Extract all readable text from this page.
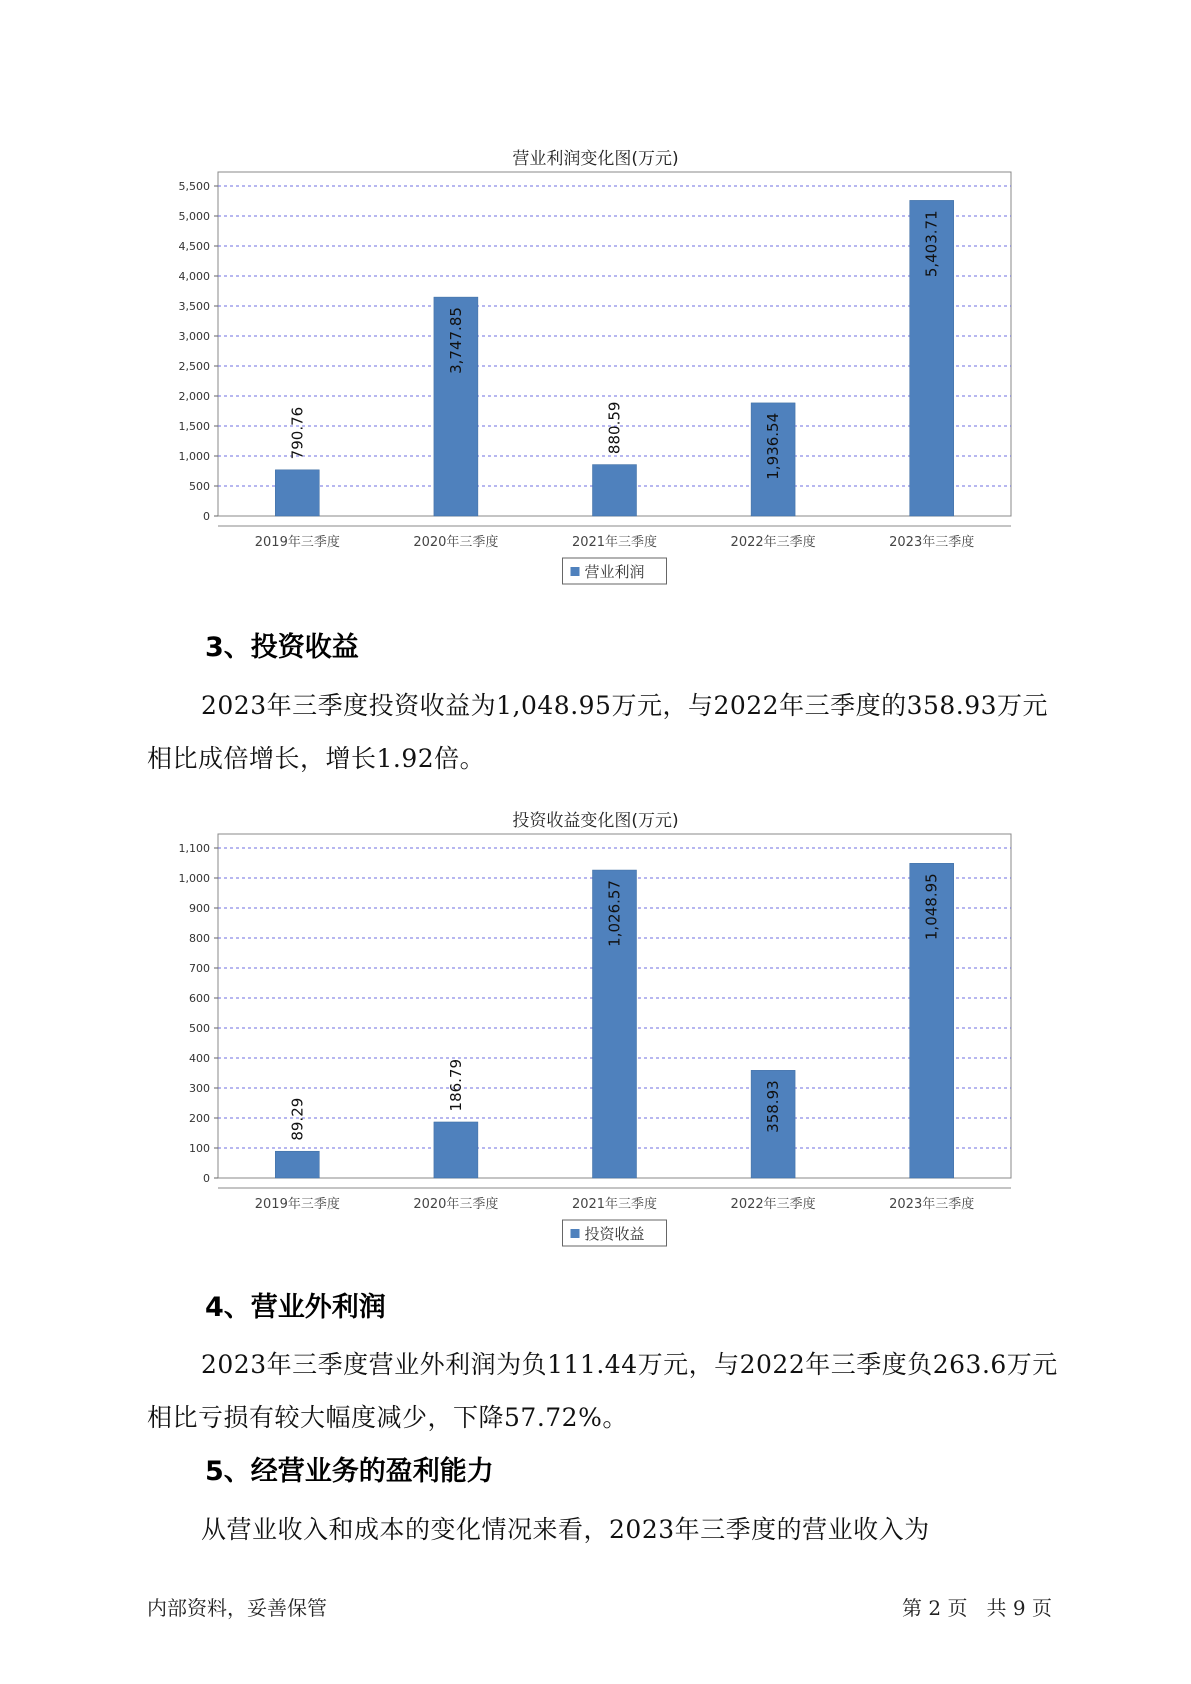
营业利润变化图(万元)
0
500
1,000
1,500
2,000
2,500
3,000
3,500
4,000
4,500
5,000
5,500
790.76
2019年三季度
3,747.85
2020年三季度
880.59
2021年三季度
1,936.54
2022年三季度
5,403.71
2023年三季度
营业利润
3、投资收益

2023年三季度投资收益为1,048.95万元，与2022年三季度的358.93万元相比成倍增长，增长1.92倍。

投资收益变化图(万元)
0
100
200
300
400
500
600
700
800
900
1,000
1,100
89.29
2019年三季度
186.79
2020年三季度
1,026.57
2021年三季度
358.93
2022年三季度
1,048.95
2023年三季度
投资收益
4、营业外利润

2023年三季度营业外利润为负111.44万元，与2022年三季度负263.6万元相比亏损有较大幅度减少，下降57.72%。

5、经营业务的盈利能力

从营业收入和成本的变化情况来看，2023年三季度的营业收入为

内部资料，妥善保管	第 2 页   共 9 页
